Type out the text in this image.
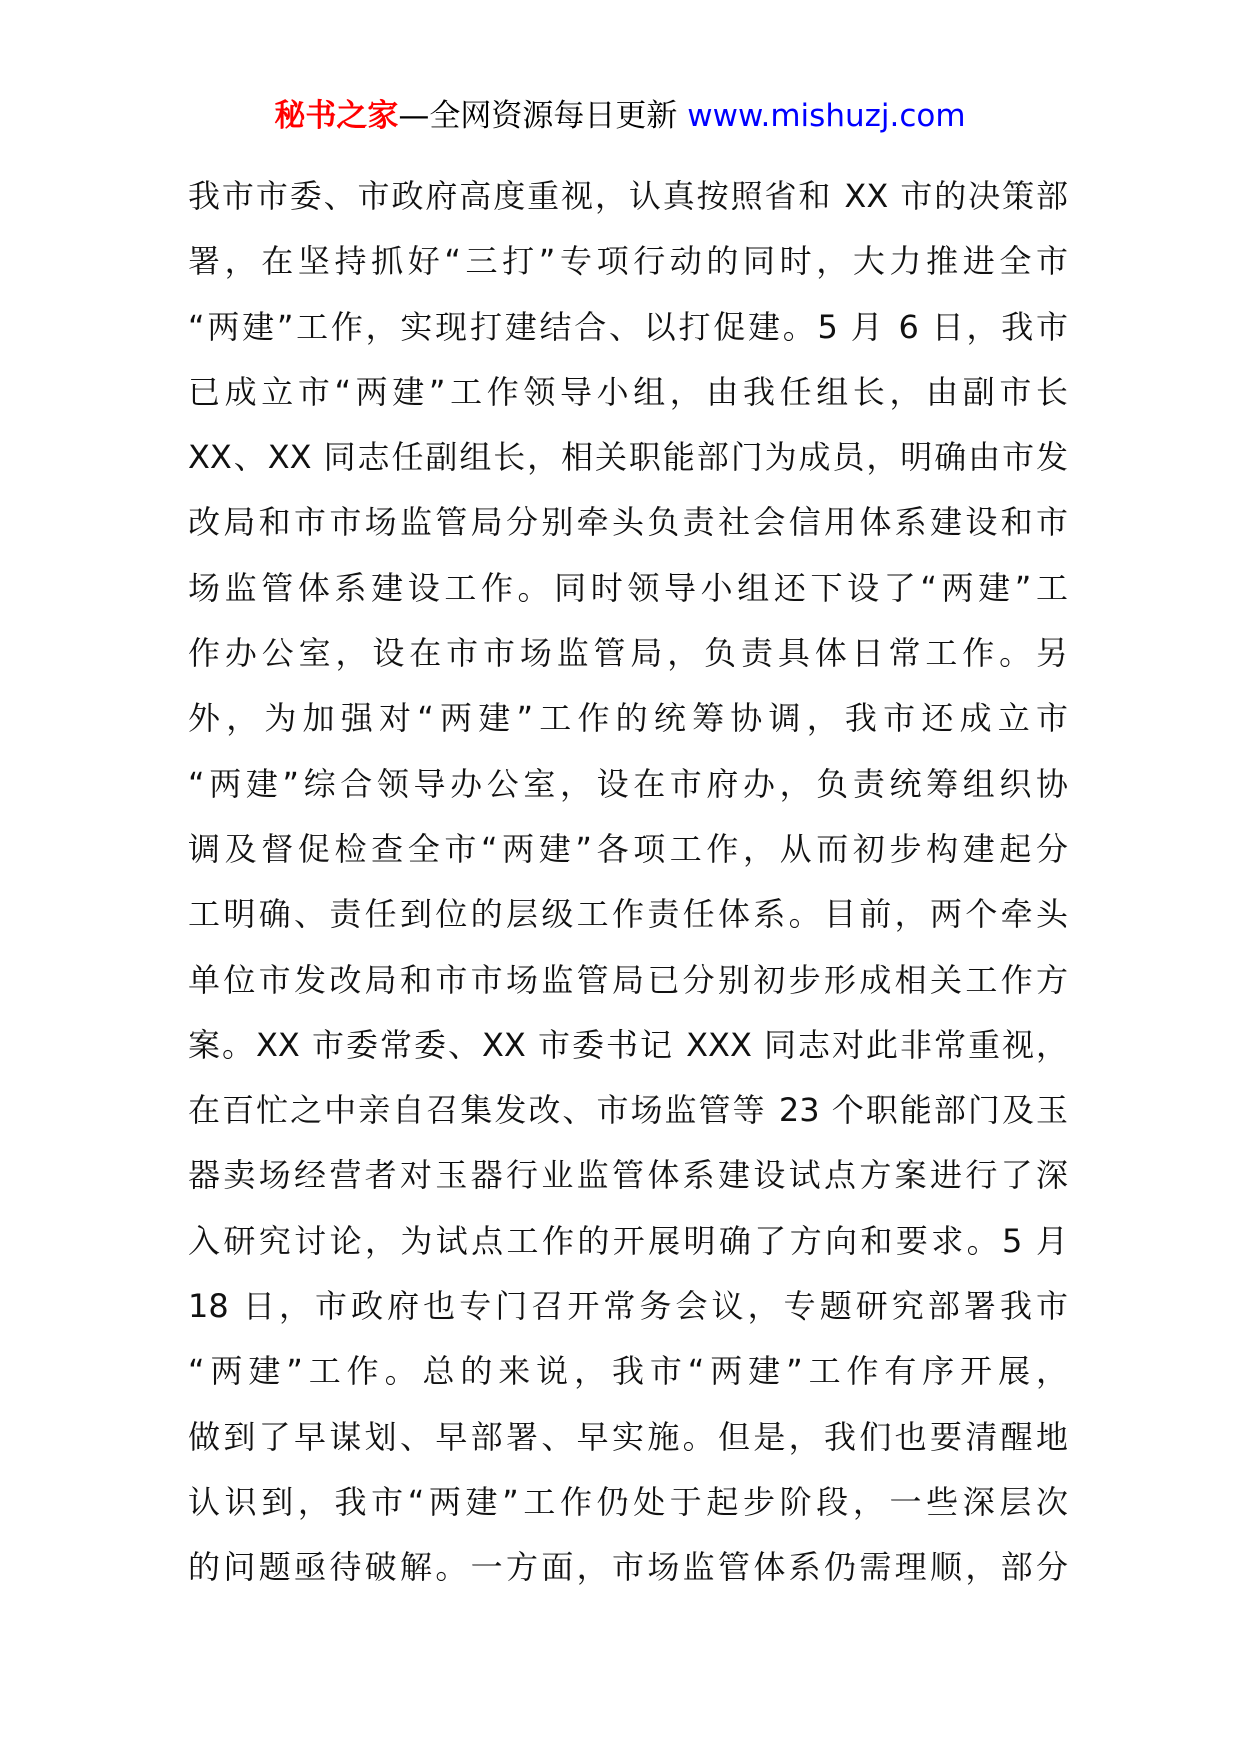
秘书之家—全网资源每日更新 www.mishuzj.com
我市市委、市政府高度重视，认真按照省和 XX 市的决策部
署，在坚持抓好“三打”专项行动的同时，大力推进全市
“两建”工作，实现打建结合、以打促建。5 月 6 日，我市
已成立市“两建”工作领导小组，由我任组长，由副市长
XX、XX 同志任副组长，相关职能部门为成员，明确由市发
改局和市市场监管局分别牵头负责社会信用体系建设和市
场监管体系建设工作。同时领导小组还下设了“两建”工
作办公室，设在市市场监管局，负责具体日常工作。另
外，为加强对“两建”工作的统筹协调，我市还成立市
“两建”综合领导办公室，设在市府办，负责统筹组织协
调及督促检查全市“两建”各项工作，从而初步构建起分
工明确、责任到位的层级工作责任体系。目前，两个牵头
单位市发改局和市市场监管局已分别初步形成相关工作方
案。XX 市委常委、XX 市委书记 XXX 同志对此非常重视，
在百忙之中亲自召集发改、市场监管等 23 个职能部门及玉
器卖场经营者对玉器行业监管体系建设试点方案进行了深
入研究讨论，为试点工作的开展明确了方向和要求。5 月
18 日，市政府也专门召开常务会议，专题研究部署我市
“两建”工作。总的来说，我市“两建”工作有序开展，
做到了早谋划、早部署、早实施。但是，我们也要清醒地
认识到，我市“两建”工作仍处于起步阶段，一些深层次
的问题亟待破解。一方面，市场监管体系仍需理顺，部分
